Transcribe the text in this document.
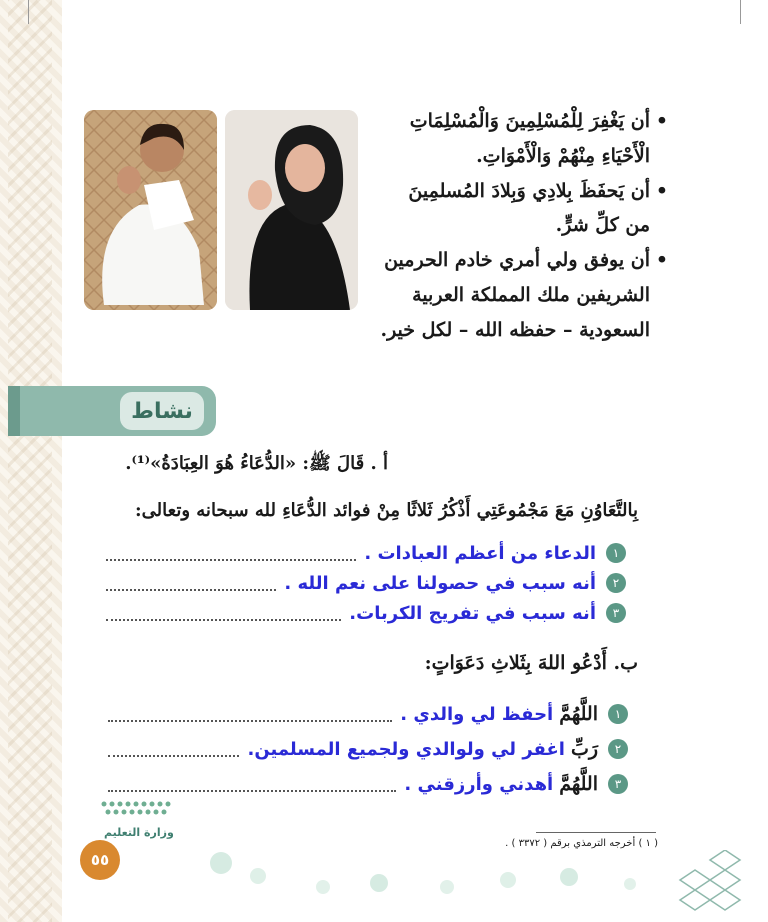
• أن يَغْفِرَ لِلْمُسْلِمِينَ وَالْمُسْلِمَاتِ
الْأَحْيَاءِ مِنْهُمْ وَالْأَمْوَاتِ.
• أن يَحفَظَ بِلادِي وَبِلادَ المُسلمِينَ
من كلِّ شرٍّ.
• أن يوفق ولي أمري خادم الحرمين
الشريفين ملك المملكة العربية
السعودية – حفظه الله – لكل خير.
نشاط
أ . قَالَ ﷺ: «الدُّعَاءُ هُوَ العِبَادَةُ»⁽¹⁾.
بِالتَّعَاوُنِ مَعَ مَجْمُوعَتِي أَذْكُرُ ثَلاثًا مِنْ فوائد الدُّعَاءِ لله سبحانه وتعالى:
١
الدعاء من أعظم العبادات .
٢
أنه سبب في حصولنا على نعم الله .
٣
أنه سبب في تفريج الكربات.
ب. أَدْعُو اللهَ بِثَلاثِ دَعَوَاتٍ:
١
اللَّهُمَّ
أحفظ لي والدي .
٢
رَبِّ
اغفر لي ولوالدي ولجميع المسلمين.
٣
اللَّهُمَّ
أهدني وأرزقني .
( ١ ) أخرجه الترمذي برقم ( ٣٣٧٢ ) .
وزارة التعليم
٥٥
